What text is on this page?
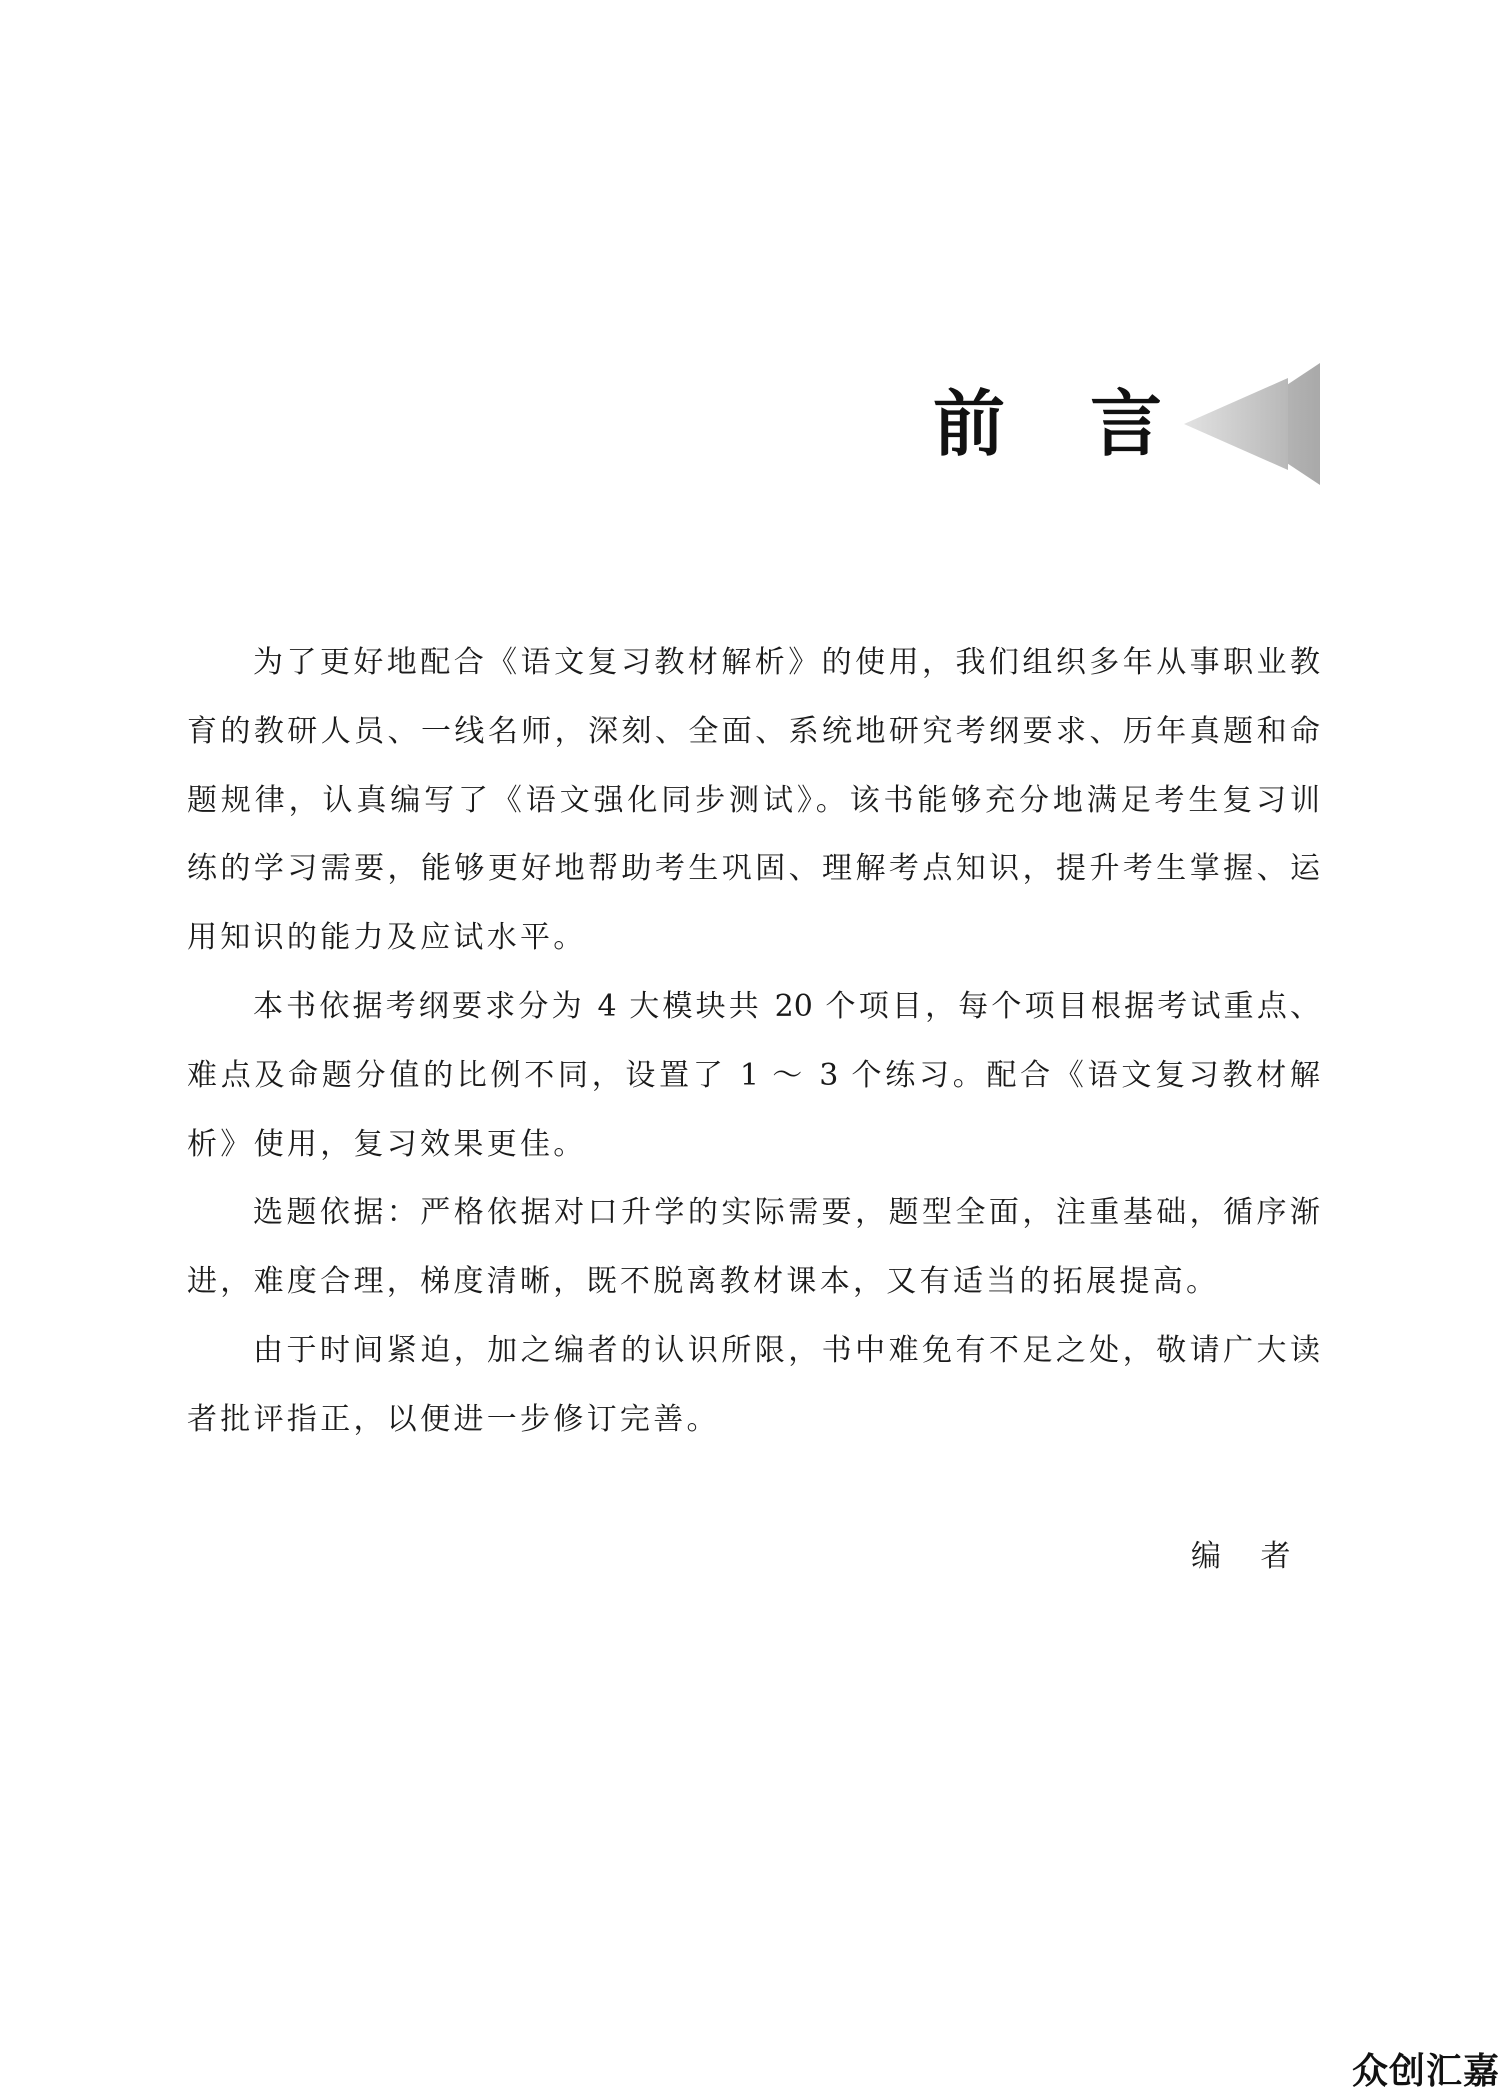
前 言
为了更好地配合《语文复习教材解析》的使用，我们组织多年从事职业教
育的教研人员、一线名师，深刻、全面、系统地研究考纲要求、历年真题和命
题规律，认真编写了《语文强化同步测试》。该书能够充分地满足考生复习训
练的学习需要，能够更好地帮助考生巩固、理解考点知识，提升考生掌握、运
用知识的能力及应试水平。
本书依据考纲要求分为 4 大模块共 20 个项目，每个项目根据考试重点、
难点及命题分值的比例不同，设置了 1 ～ 3 个练习。配合《语文复习教材解
析》使用，复习效果更佳。
选题依据：严格依据对口升学的实际需要，题型全面，注重基础，循序渐
进，难度合理，梯度清晰，既不脱离教材课本，又有适当的拓展提高。
由于时间紧迫，加之编者的认识所限，书中难免有不足之处，敬请广大读
者批评指正，以便进一步修订完善。
编 者
众创汇嘉
